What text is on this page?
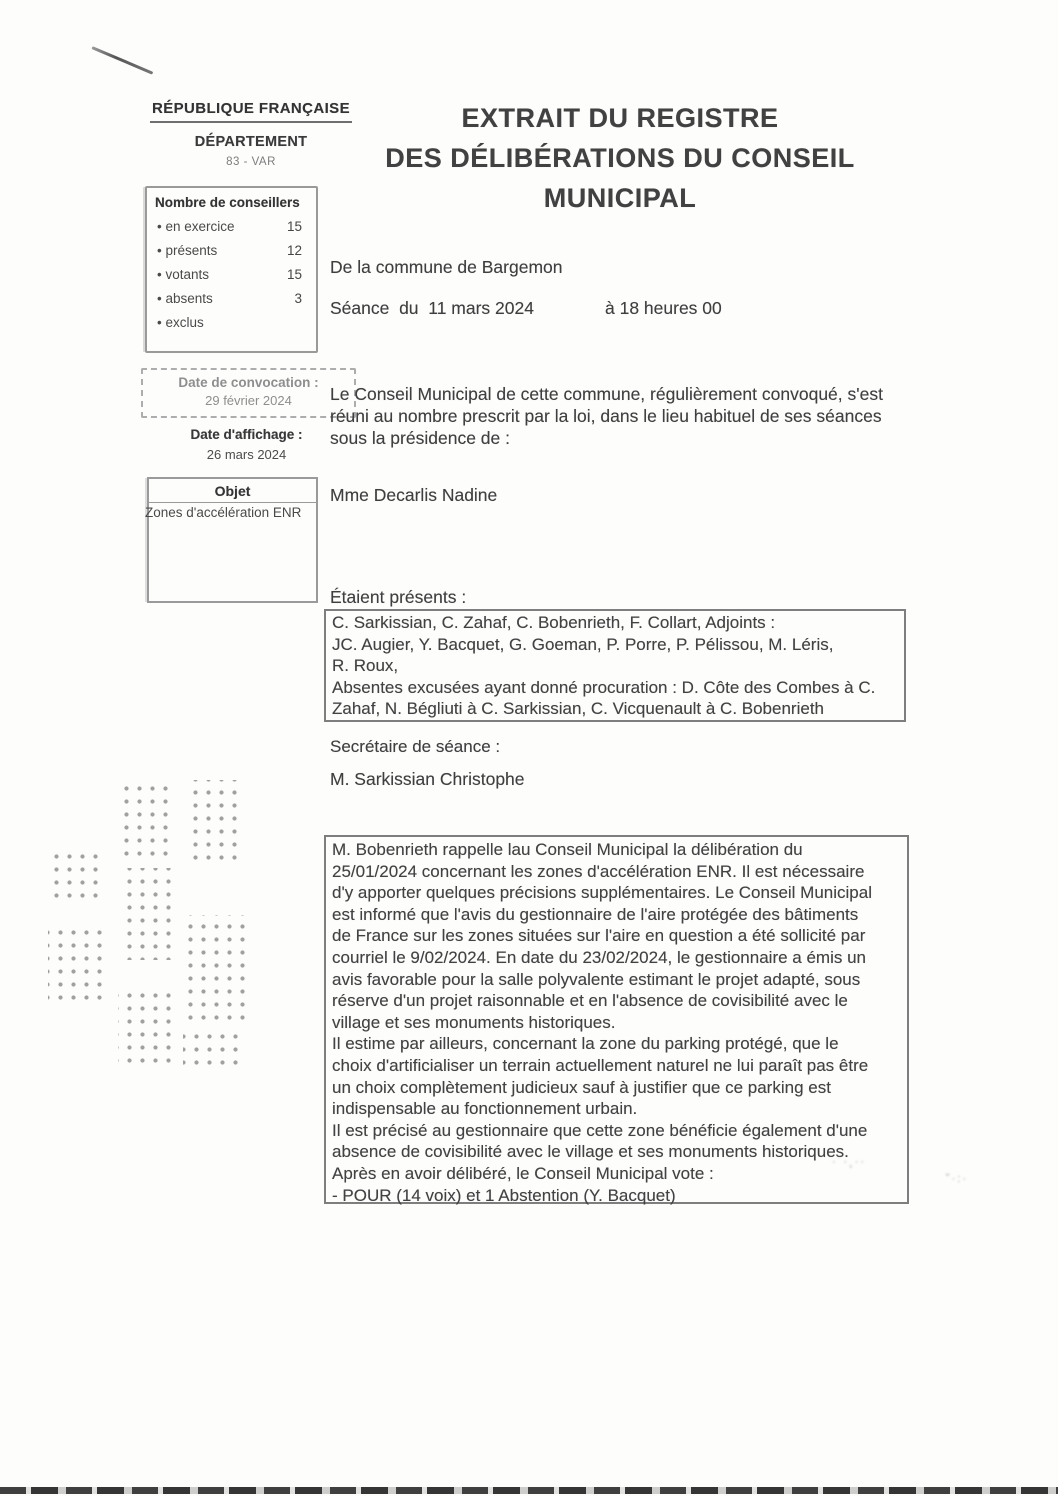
RÉPUBLIQUE FRANÇAISE
DÉPARTEMENT
83 - VAR
Nombre de conseillers
• en exercice	15
• présents	12
• votants	15
• absents	3
• exclus
EXTRAIT DU REGISTRE
DES DÉLIBÉRATIONS DU CONSEIL
MUNICIPAL
De la commune de Bargemon
Séance  du  11 mars 2024	à 18 heures 00
Date de convocation :
29 février 2024
Date d'affichage :
26 mars 2024
Objet
Zones d'accélération ENR
Le Conseil Municipal de cette commune, régulièrement convoqué, s'est réuni au nombre prescrit par la loi, dans le lieu habituel de ses séances sous la présidence de :
Mme Decarlis Nadine
Étaient présents :
C. Sarkissian, C. Zahaf, C. Bobenrieth, F. Collart, Adjoints :
JC. Augier, Y. Bacquet, G. Goeman, P. Porre, P. Pélissou, M. Léris,
R. Roux,
Absentes excusées ayant donné procuration : D. Côte des Combes à C.
Zahaf, N. Bégliuti à C. Sarkissian, C. Vicquenault à C. Bobenrieth
Secrétaire de séance :
M. Sarkissian Christophe
M. Bobenrieth rappelle lau Conseil Municipal la délibération du
25/01/2024 concernant les zones d'accélération ENR. Il est nécessaire
d'y apporter quelques précisions supplémentaires. Le Conseil Municipal
est informé que l'avis du gestionnaire de l'aire protégée des bâtiments
de France sur les zones situées sur l'aire en question a été sollicité par
courriel le 9/02/2024. En date du 23/02/2024, le gestionnaire a émis un
avis favorable pour la salle polyvalente estimant le projet adapté, sous
réserve d'un projet raisonnable et en l'absence de covisibilité avec le
village et ses monuments historiques.
Il estime par ailleurs, concernant la zone du parking protégé, que le
choix d'artificialiser un terrain actuellement naturel ne lui paraît pas être
un choix complètement judicieux sauf à justifier que ce parking est
indispensable au fonctionnement urbain.
Il est précisé au gestionnaire que cette zone bénéficie également d'une
absence de covisibilité avec le village et ses monuments historiques.
Après en avoir délibéré, le Conseil Municipal vote :
- POUR (14 voix) et 1 Abstention (Y. Bacquet)
·˙·¸··
˘·:·
